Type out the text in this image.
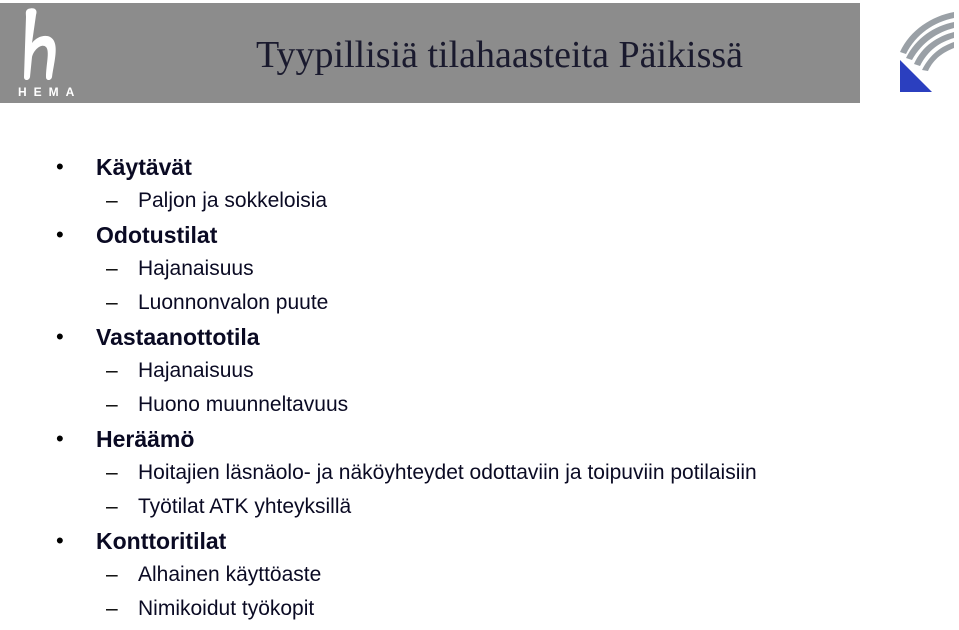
HEMA
Tyypillisiä tilahaasteita Päikissä
• Käytävät
– Paljon ja sokkeloisia
• Odotustilat
– Hajanaisuus
– Luonnonvalon puute
• Vastaanottotila
– Hajanaisuus
– Huono muunneltavuus
• Heräämö
– Hoitajien läsnäolo- ja näköyhteydet odottaviin ja toipuviin potilaisiin
– Työtilat ATK yhteyksillä
• Konttoritilat
– Alhainen käyttöaste
– Nimikoidut työkopit
